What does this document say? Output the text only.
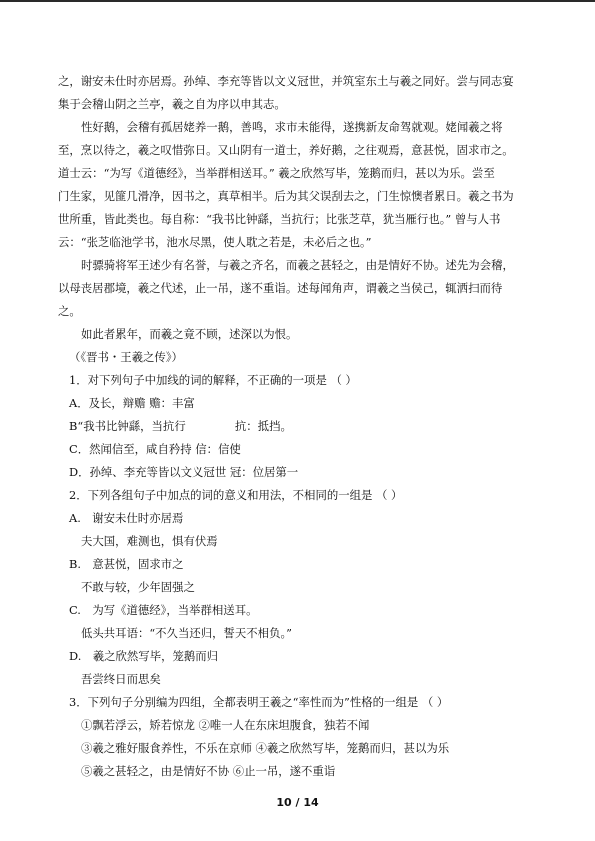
之，谢安未仕时亦居焉。孙绰、李充等皆以文义冠世，并筑室东土与羲之同好。尝与同志宴
集于会稽山阴之兰亭，羲之自为序以申其志。
性好鹅，会稽有孤居姥养一鹅，善鸣，求市未能得，遂携新友命驾就观。姥闻羲之将
至，烹以待之，羲之叹惜弥日。又山阴有一道士，养好鹅，之往观焉，意甚悦，固求市之。
道士云：“为写《道德经》，当举群相送耳。” 羲之欣然写毕，笼鹅而归，甚以为乐。尝至
门生家，见篚几滑净，因书之，真草相半。后为其父误刮去之，门生惊懊者累日。羲之书为
世所重，皆此类也。每自称：“我书比钟繇，当抗行；比张芝草，犹当雁行也。” 曾与人书
云：“张芝临池学书，池水尽黑，使人耽之若是，未必后之也。”
时骠骑将军王述少有名誉，与羲之齐名，而羲之甚轻之，由是情好不协。述先为会稽，
以母丧居郡境，羲之代述，止一吊，遂不重诣。述每闻角声，谓羲之当侯己，辄洒扫而待
之。
如此者累年，而羲之竟不顾，述深以为恨。
（《晋书・王羲之传》）
1．对下列句子中加线的词的解释，不正确的一项是 （ ）
A．及长，辩赡 赡：丰富
B“我书比钟繇，当抗行 　　　　抗：抵挡。
C．然闻信至，咸自矜持 信：信使
D．孙绰、李充等皆以文义冠世 冠：位居第一
2．下列各组句子中加点的词的意义和用法，不相同的一组是 （ ）
A.　谢安未仕时亦居焉
夫大国，难测也，惧有伏焉
B.　意甚悦，固求市之
不敢与较，少年固强之
C.　为写《道德经》，当举群相送耳。
低头共耳语：“不久当还归，誓天不相负。”
D.　羲之欣然写毕，笼鹅而归
吾尝终日而思矣
3．下列句子分别编为四组，全都表明王羲之“率性而为”性格的一组是 （ ）
①飘若浮云，矫若惊龙 ②唯一人在东床坦腹食，独若不闻
③羲之雅好服食养性，不乐在京师 ④羲之欣然写毕，笼鹅而归，甚以为乐
⑤羲之甚轻之，由是情好不协 ⑥止一吊，遂不重诣
10 / 14
